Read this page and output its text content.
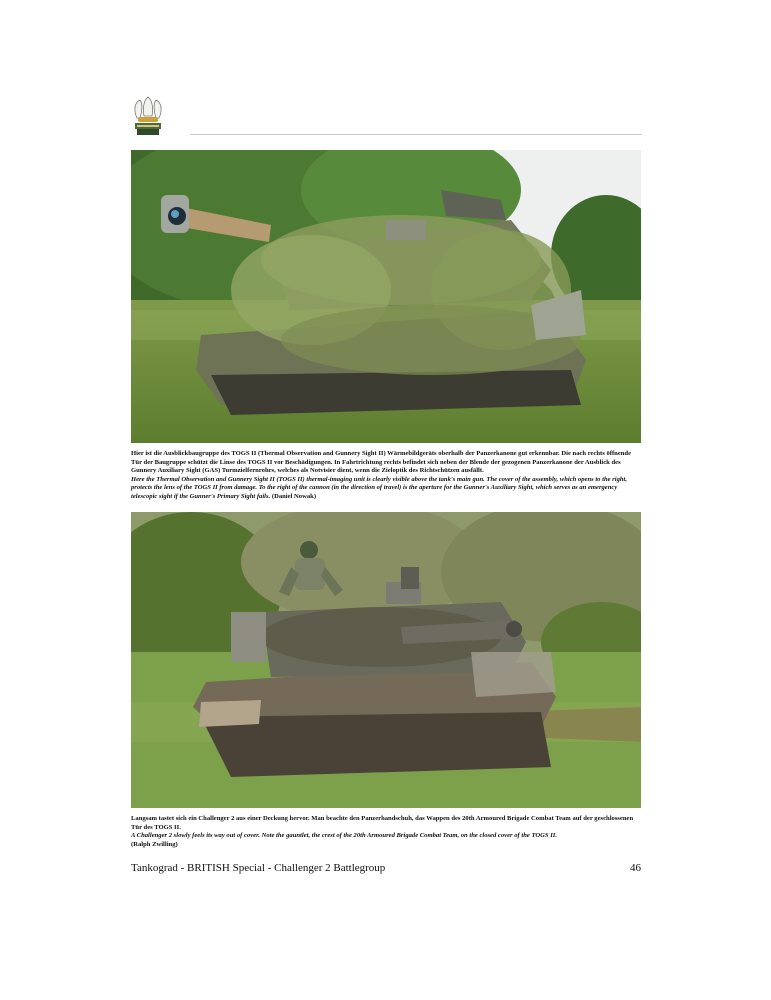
Hier ist die Ausblickbaugruppe des TOGS II (Thermal Observation and Gunnery Sight II) Wärmebildgeräts oberhalb der Panzerkanone gut erkennbar. Die nach rechts öffnende Tür der Baugruppe schützt die Linse des TOGS II vor Beschädigungen. In Fahrtrichtung rechts befindet sich neben der Blende der gezogenen Panzerkanone der Ausblick des Gunnery Auxiliary Sight (GAS) Turmzielfernrohrs, welches als Notvisier dient, wenn die Zieloptik des Richtschützen ausfällt.

Here the Thermal Observation and Gunnery Sight II (TOGS II) thermal-imaging unit is clearly visible above the tank's main gun. The cover of the assembly, which opens to the right, protects the lens of the TOGS II from damage. To the right of the cannon (in the direction of travel) is the aperture for the Gunner's Auxiliary Sight, which serves as an emergency telescopic sight if the Gunner's Primary Sight fails. (Daniel Nowak)

Langsam tastet sich ein Challenger 2 aus einer Deckung hervor. Man beachte den Panzerhandschuh, das Wappen des 20th Armoured Brigade Combat Team auf der geschlossenen Tür des TOGS II.

A Challenger 2 slowly feels its way out of cover. Note the gauntlet, the crest of the 20th Armoured Brigade Combat Team, on the closed cover of the TOGS II.

(Ralph Zwilling)

Tankograd - BRITISH Special - Challenger 2 Battlegroup	46
